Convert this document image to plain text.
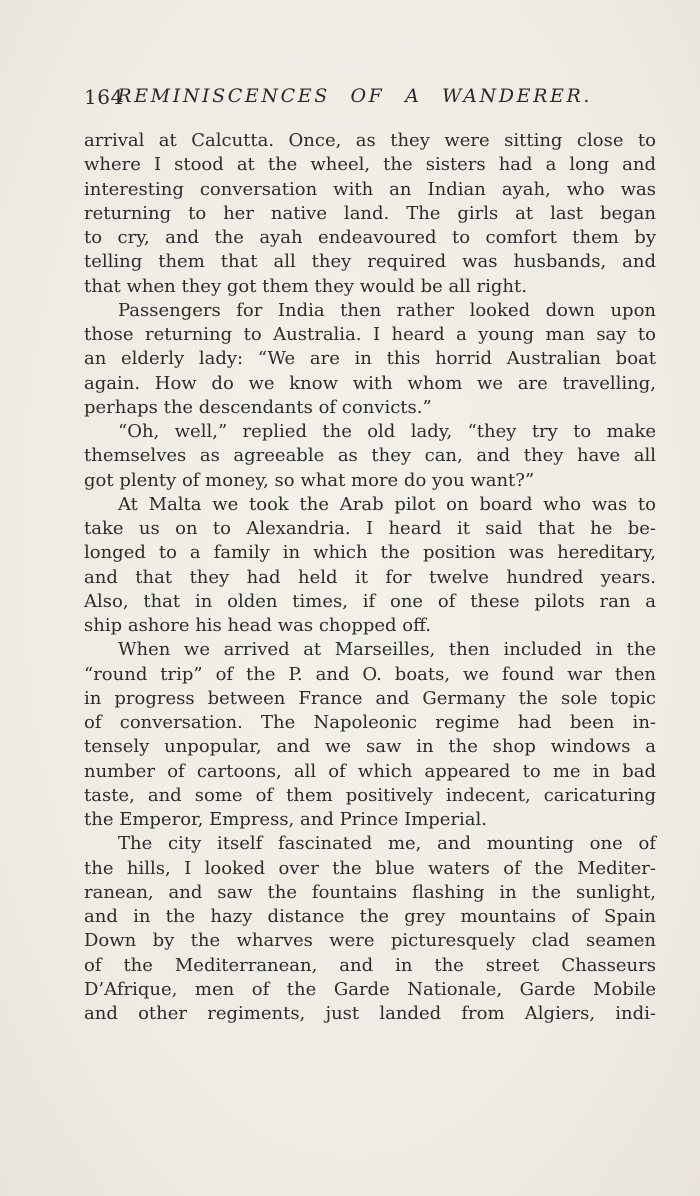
164
REMINISCENCES OF A WANDERER.
arrival at Calcutta. Once, as they were sitting close to
where I stood at the wheel, the sisters had a long and
interesting conversation with an Indian ayah, who was
returning to her native land. The girls at last began
to cry, and the ayah endeavoured to comfort them by
telling them that all they required was husbands, and
that when they got them they would be all right.
Passengers for India then rather looked down upon
those returning to Australia. I heard a young man say to
an elderly lady: “We are in this horrid Australian boat
again. How do we know with whom we are travelling,
perhaps the descendants of convicts.”
“Oh, well,” replied the old lady, “they try to make
themselves as agreeable as they can, and they have all
got plenty of money, so what more do you want?”
At Malta we took the Arab pilot on board who was to
take us on to Alexandria. I heard it said that he be-
longed to a family in which the position was hereditary,
and that they had held it for twelve hundred years.
Also, that in olden times, if one of these pilots ran a
ship ashore his head was chopped off.
When we arrived at Marseilles, then included in the
“round trip” of the P. and O. boats, we found war then
in progress between France and Germany the sole topic
of conversation. The Napoleonic regime had been in-
tensely unpopular, and we saw in the shop windows a
number of cartoons, all of which appeared to me in bad
taste, and some of them positively indecent, caricaturing
the Emperor, Empress, and Prince Imperial.
The city itself fascinated me, and mounting one of
the hills, I looked over the blue waters of the Mediter-
ranean, and saw the fountains flashing in the sunlight,
and in the hazy distance the grey mountains of Spain
Down by the wharves were picturesquely clad seamen
of the Mediterranean, and in the street Chasseurs
D’Afrique, men of the Garde Nationale, Garde Mobile
and other regiments, just landed from Algiers, indi-
